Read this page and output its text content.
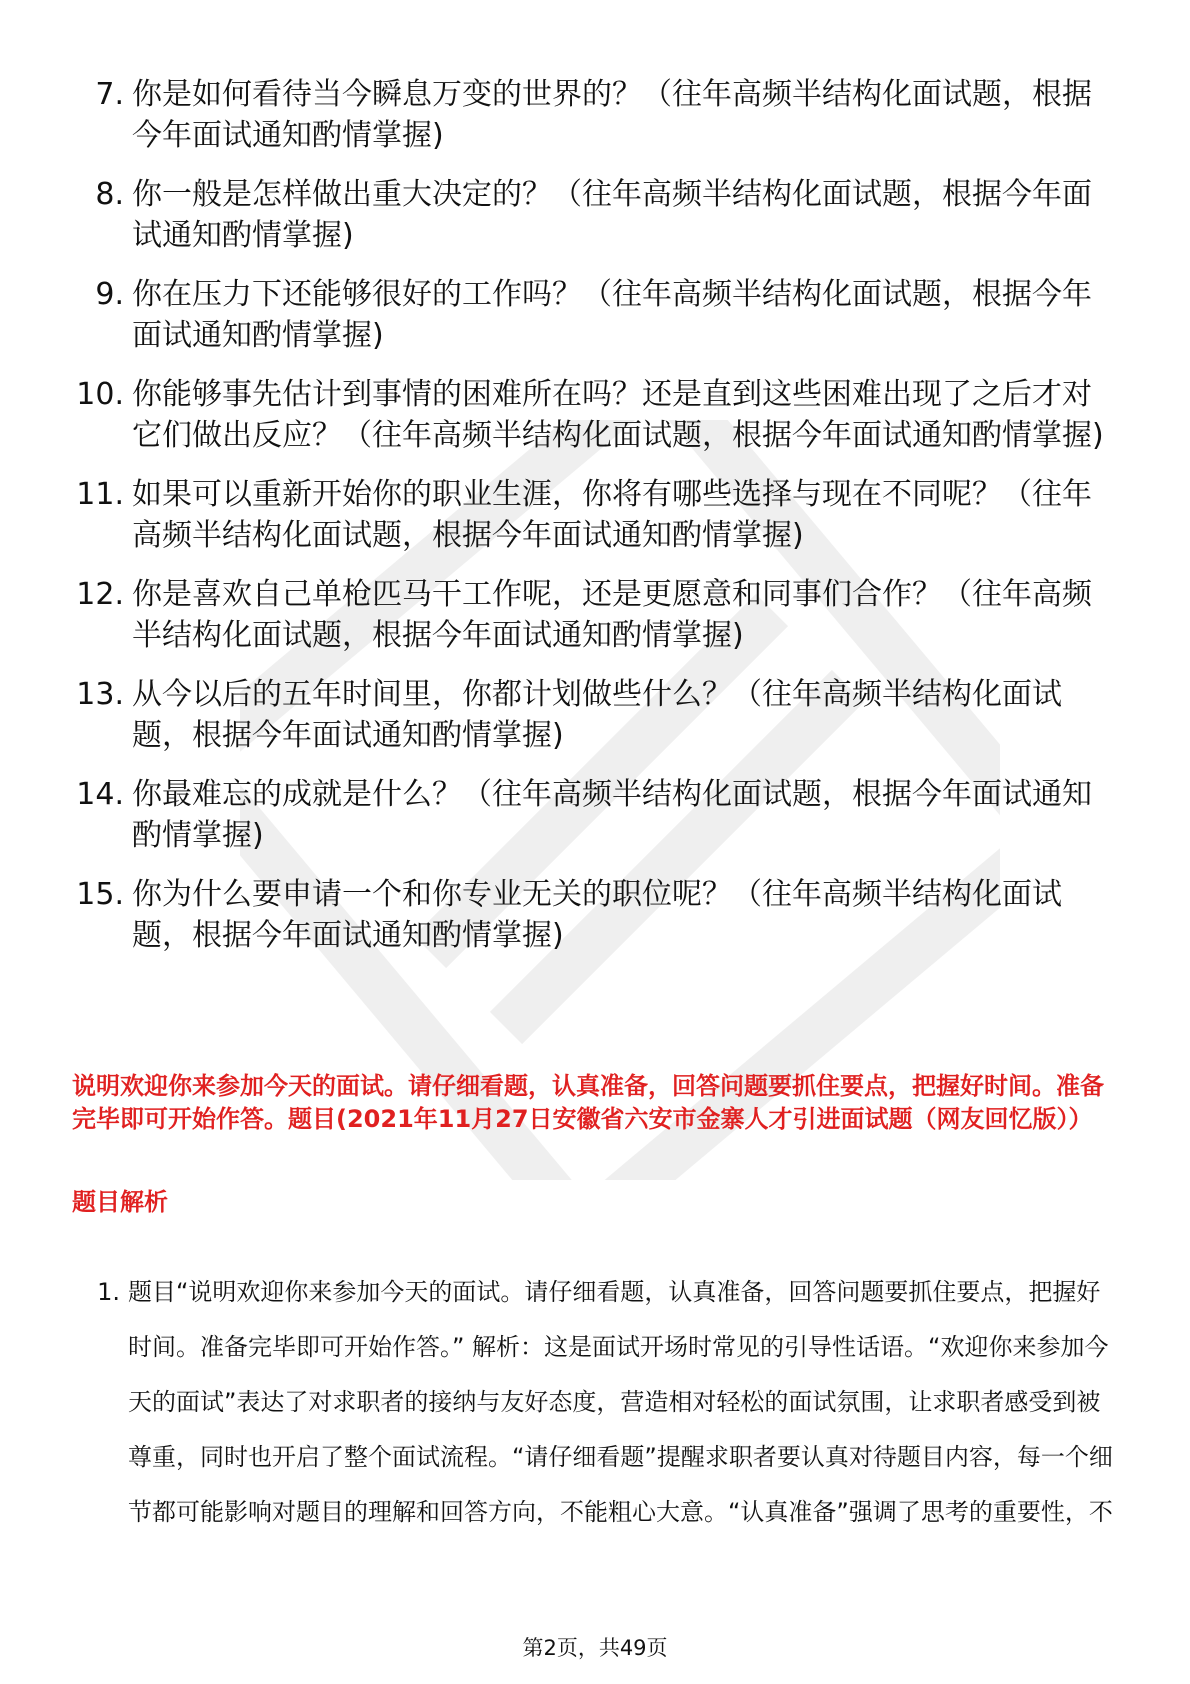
7. 你是如何看待当今瞬息万变的世界的？（往年高频半结构化面试题，根据今年面试通知酌情掌握)
8. 你一般是怎样做出重大决定的？（往年高频半结构化面试题，根据今年面试通知酌情掌握)
9. 你在压力下还能够很好的工作吗？（往年高频半结构化面试题，根据今年面试通知酌情掌握)
10. 你能够事先估计到事情的困难所在吗？还是直到这些困难出现了之后才对它们做出反应？（往年高频半结构化面试题，根据今年面试通知酌情掌握)
11. 如果可以重新开始你的职业生涯，你将有哪些选择与现在不同呢？（往年高频半结构化面试题，根据今年面试通知酌情掌握)
12. 你是喜欢自己单枪匹马干工作呢，还是更愿意和同事们合作？（往年高频半结构化面试题，根据今年面试通知酌情掌握)
13. 从今以后的五年时间里，你都计划做些什么？（往年高频半结构化面试题，根据今年面试通知酌情掌握)
14. 你最难忘的成就是什么？（往年高频半结构化面试题，根据今年面试通知酌情掌握)
15. 你为什么要申请一个和你专业无关的职位呢？（往年高频半结构化面试题，根据今年面试通知酌情掌握)
说明欢迎你来参加今天的面试。请仔细看题，认真准备，回答问题要抓住要点，把握好时间。准备完毕即可开始作答。题目(2021年11月27日安徽省六安市金寨人才引进面试题（网友回忆版））
题目解析
1. 题目“说明欢迎你来参加今天的面试。请仔细看题，认真准备，回答问题要抓住要点，把握好时间。准备完毕即可开始作答。” 解析：这是面试开场时常见的引导性话语。“欢迎你来参加今天的面试”表达了对求职者的接纳与友好态度，营造相对轻松的面试氛围，让求职者感受到被尊重，同时也开启了整个面试流程。“请仔细看题”提醒求职者要认真对待题目内容，每一个细节都可能影响对题目的理解和回答方向，不能粗心大意。“认真准备”强调了思考的重要性，不
第2页，共49页
